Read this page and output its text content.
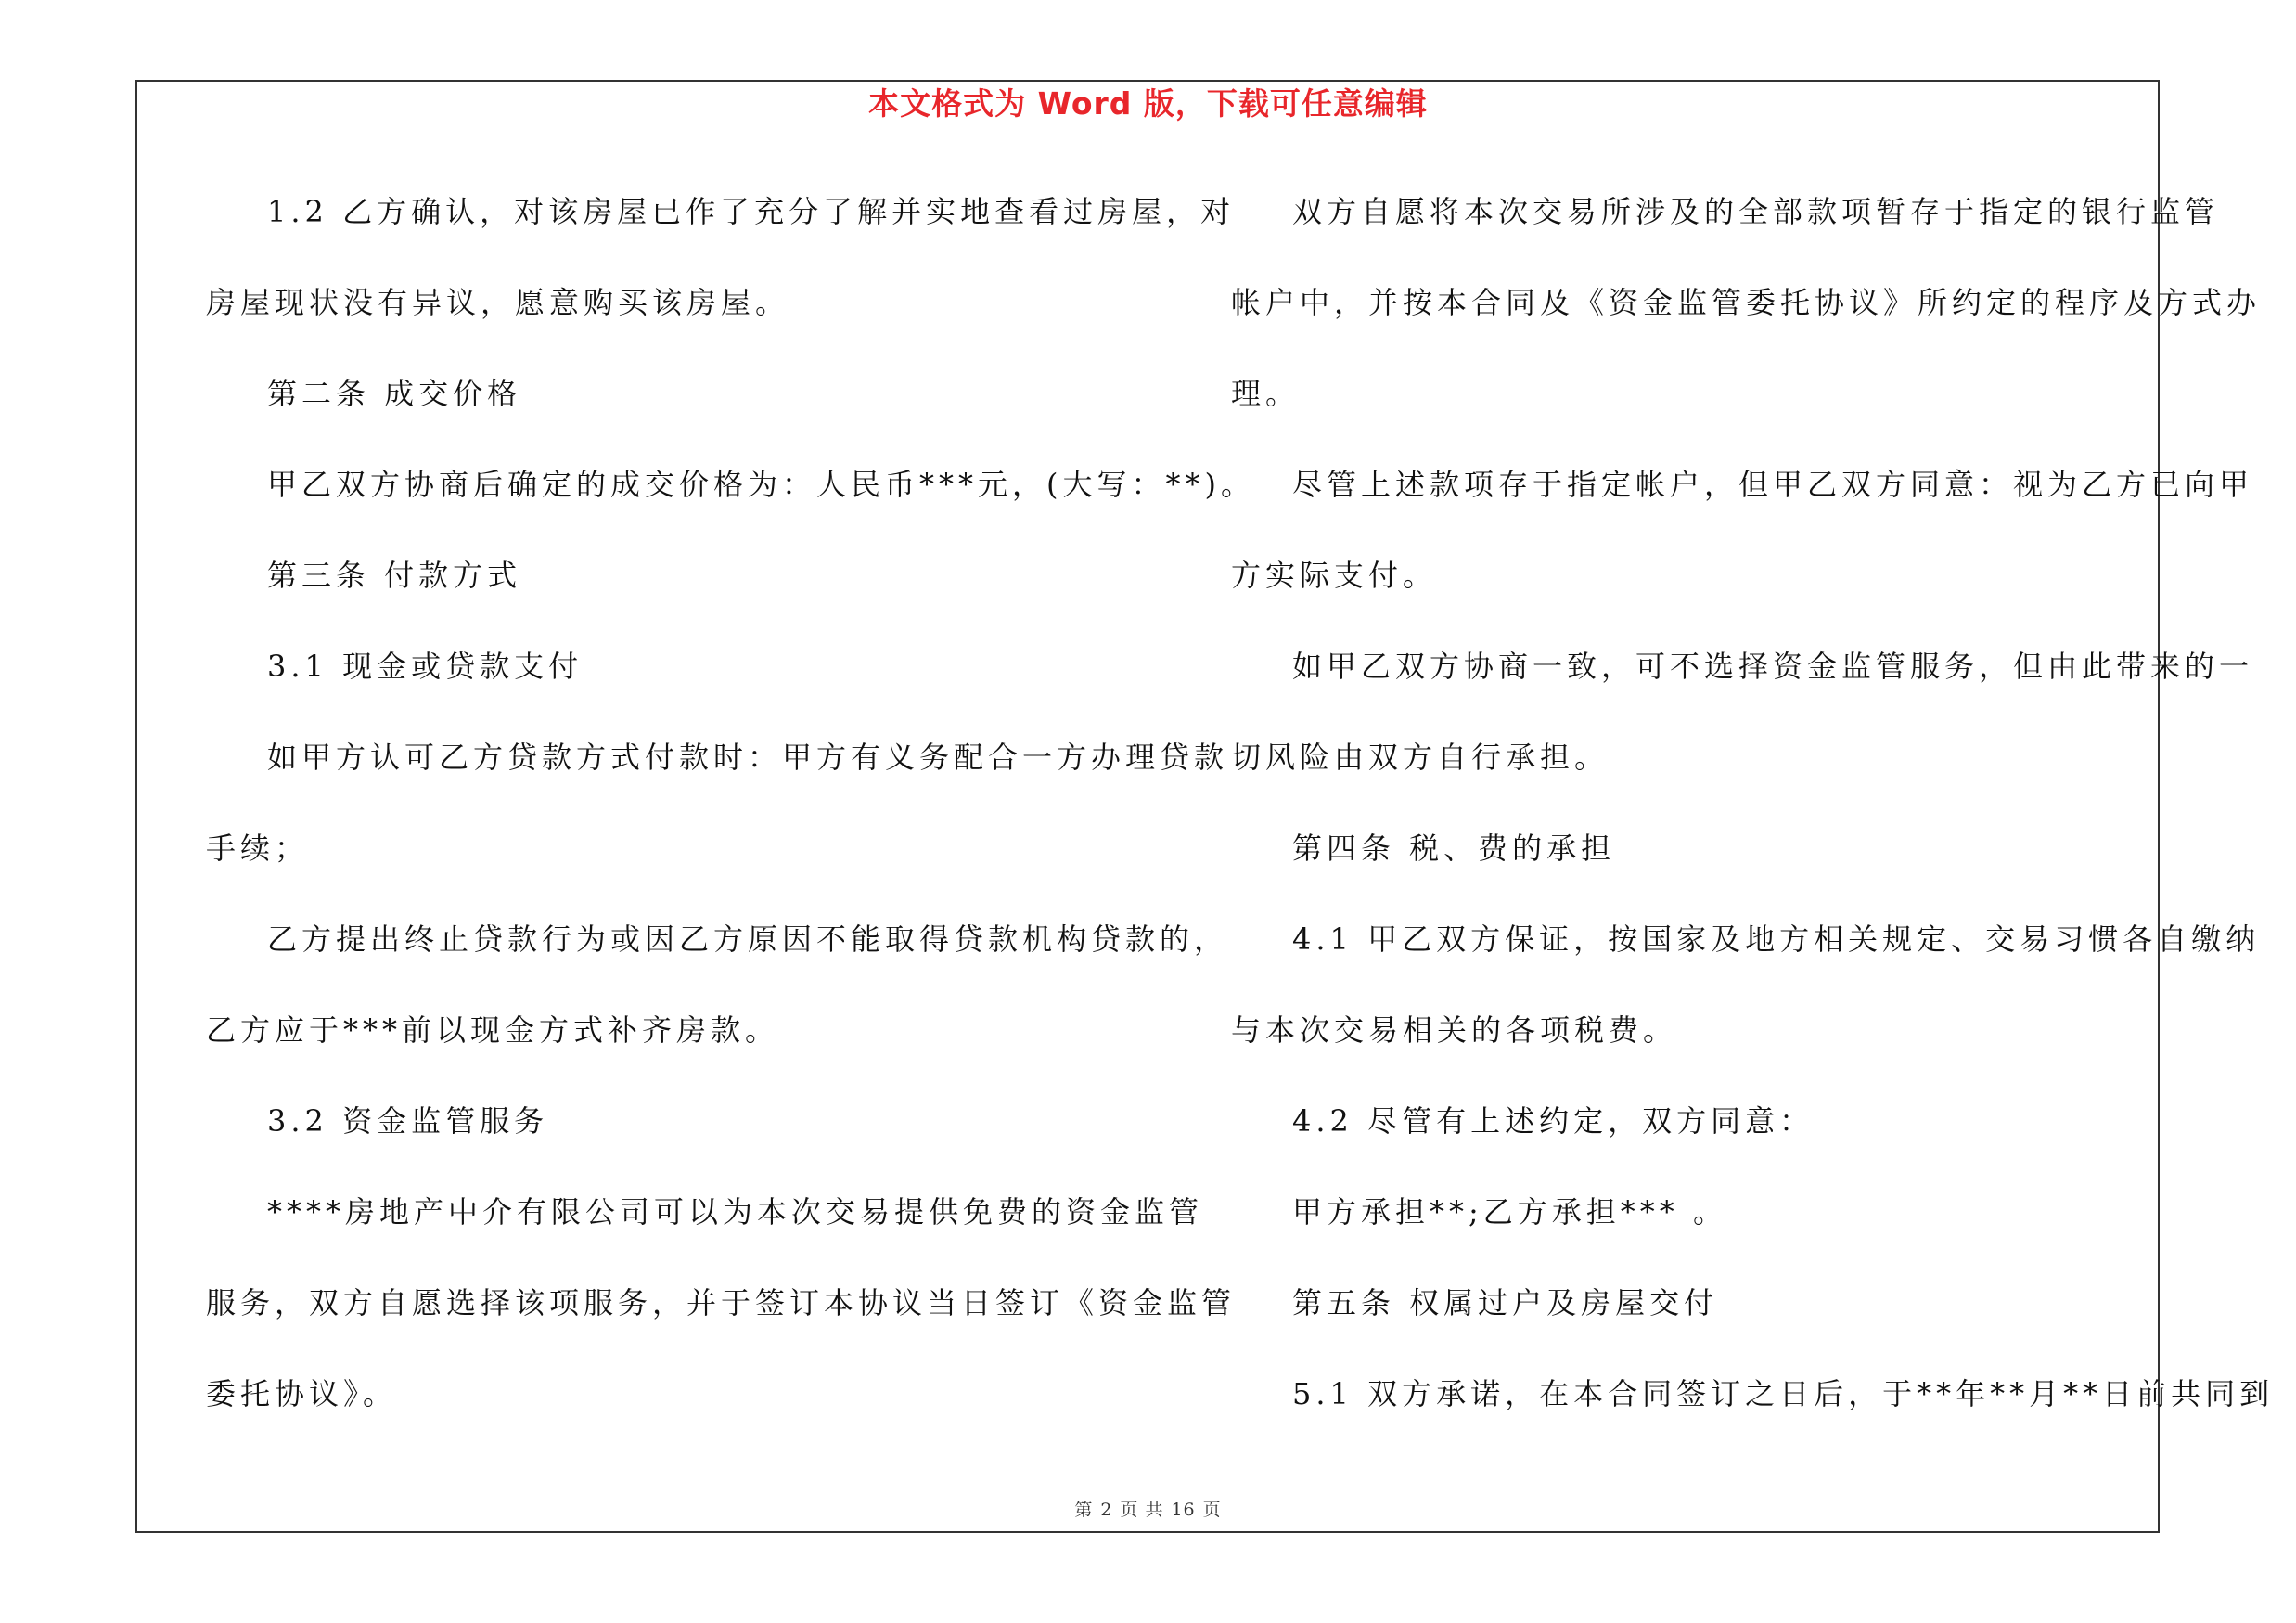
本文格式为 Word 版，下载可任意编辑
1.2 乙方确认，对该房屋已作了充分了解并实地查看过房屋，对
房屋现状没有异议，愿意购买该房屋。
第二条 成交价格
甲乙双方协商后确定的成交价格为：人民币***元，(大写：**)。
第三条 付款方式
3.1 现金或贷款支付
如甲方认可乙方贷款方式付款时：甲方有义务配合一方办理贷款
手续；
乙方提出终止贷款行为或因乙方原因不能取得贷款机构贷款的，
乙方应于***前以现金方式补齐房款。
3.2 资金监管服务
****房地产中介有限公司可以为本次交易提供免费的资金监管
服务，双方自愿选择该项服务，并于签订本协议当日签订《资金监管
委托协议》。
双方自愿将本次交易所涉及的全部款项暂存于指定的银行监管
帐户中，并按本合同及《资金监管委托协议》所约定的程序及方式办
理。
尽管上述款项存于指定帐户，但甲乙双方同意：视为乙方已向甲
方实际支付。
如甲乙双方协商一致，可不选择资金监管服务，但由此带来的一
切风险由双方自行承担。
第四条 税、费的承担
4.1 甲乙双方保证，按国家及地方相关规定、交易习惯各自缴纳
与本次交易相关的各项税费。
4.2 尽管有上述约定，双方同意：
甲方承担**;乙方承担*** 。
第五条 权属过户及房屋交付
5.1 双方承诺，在本合同签订之日后，于**年**月**日前共同到
第 2 页 共 16 页
